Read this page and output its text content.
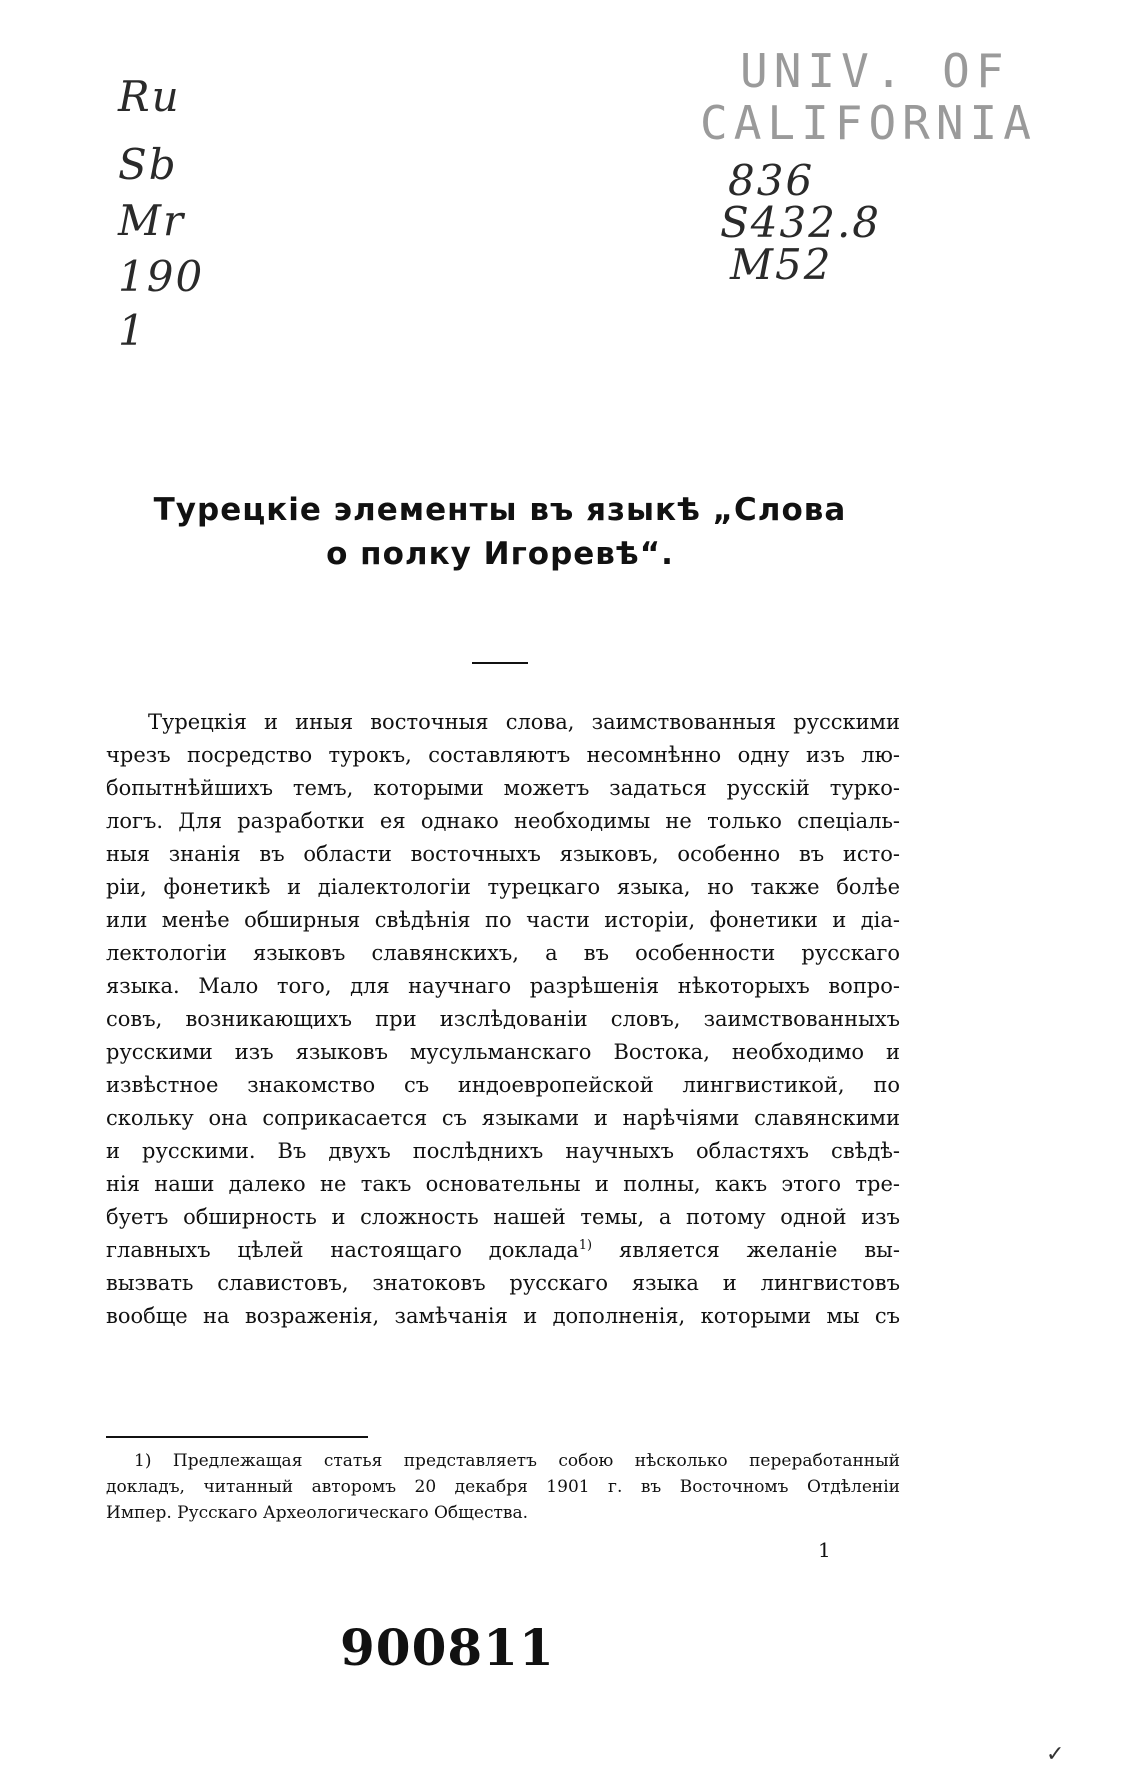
Ru
Sb
Mr
190
1
UNIV. OF
CALIFORNIA
836
S432.8
M52
Турецкie элементы въ языкѣ „Слова
о полку Игоревѣ“.
Турецкія и иныя восточныя слова, заимствованныя русскими
чрезъ посредство турокъ, составляютъ несомнѣнно одну изъ лю-
бопытнѣйшихъ темъ, которыми можетъ задаться русскій турко-
логъ. Для разработки ея однако необходимы не только спеціаль-
ныя знанія въ области восточныхъ языковъ, особенно въ исто-
ріи, фонетикѣ и діалектологіи турецкаго языка, но также болѣе
или менѣе обширныя свѣдѣнія по части исторіи, фонетики и діа-
лектологіи языковъ славянскихъ, а въ особенности русскаго
языка. Мало того, для научнаго разрѣшенія нѣкоторыхъ вопро-
совъ, возникающихъ при изслѣдованіи словъ, заимствованныхъ
русскими изъ языковъ мусульманскаго Востока, необходимо и
извѣстное знакомство съ индоевропейской лингвистикой, по
скольку она соприкасается съ языками и нарѣчіями славянскими
и русскими. Въ двухъ послѣднихъ научныхъ областяхъ свѣдѣ-
нія наши далеко не такъ основательны и полны, какъ этого тре-
буетъ обширность и сложность нашей темы, а потому одной изъ
главныхъ цѣлей настоящаго доклада$^{1)}$ является желаніе вы-
вызвать славистовъ, знатоковъ русскаго языка и лингвистовъ
вообще на возраженія, замѣчанія и дополненія, которыми мы съ
1) Предлежащая статья представляетъ собою нѣсколько переработанный
докладъ, читанный авторомъ 20 декабря 1901 г. въ Восточномъ Отдѣленіи
Импер. Русскаго Археологическаго Общества.
1
900811
✓
